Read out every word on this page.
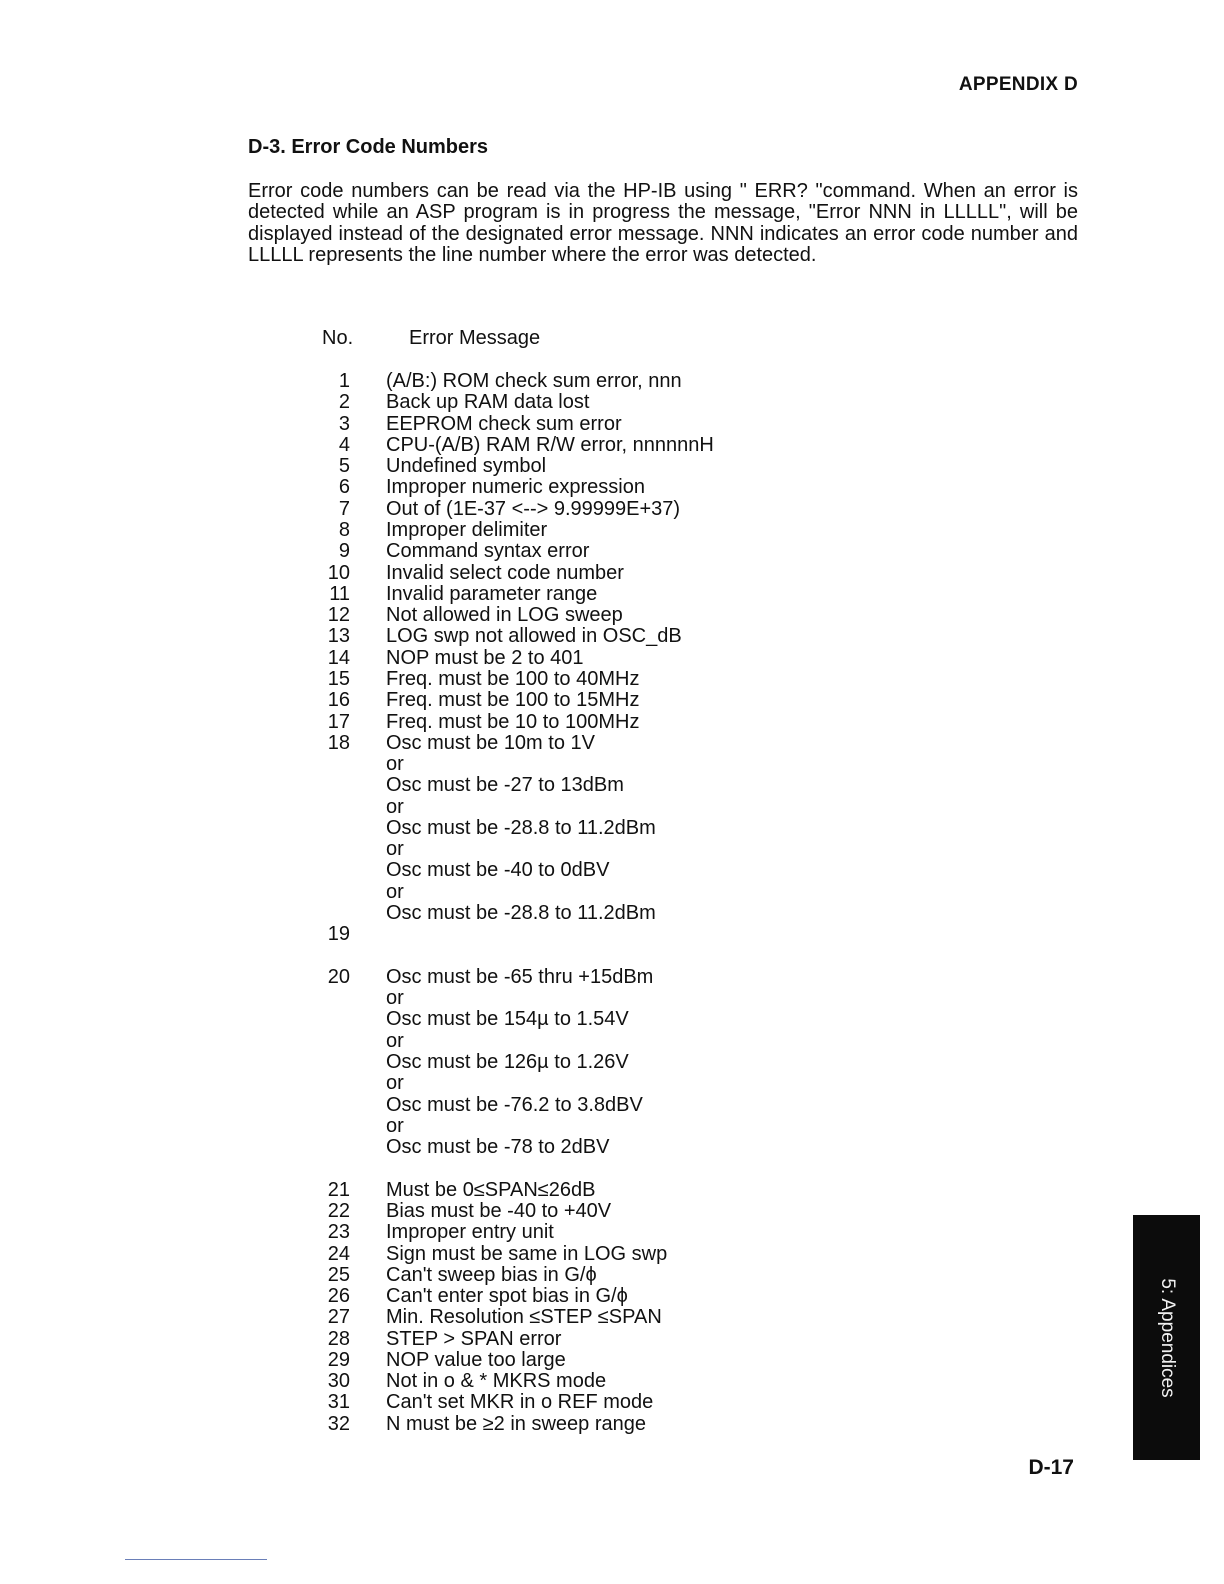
APPENDIX D
D-3. Error Code Numbers

Error code numbers can be read via the HP-IB using " ERR? "command. When an error is detected while an ASP program is in progress the message, "Error NNN in LLLLL", will be displayed instead of the designated error message. NNN indicates an error code number and LLLLL represents the line number where the error was detected.

No.	Error Message
1 (A/B:) ROM check sum error, nnn
2 Back up RAM data lost
3 EEPROM check sum error
4 CPU-(A/B) RAM R/W error, nnnnnnH
5 Undefined symbol
6 Improper numeric expression
7 Out of (1E-37 <--> 9.99999E+37)
8 Improper delimiter
9 Command syntax error
10 Invalid select code number
11 Invalid parameter range
12 Not allowed in LOG sweep
13 LOG swp not allowed in OSC_dB
14 NOP must be 2 to 401
15 Freq. must be 100 to 40MHz
16 Freq. must be 100 to 15MHz
17 Freq. must be 10 to 100MHz
18 Osc must be 10m to 1V
or
Osc must be -27 to 13dBm
or
Osc must be -28.8 to 11.2dBm
or
Osc must be -40 to 0dBV
or
Osc must be -28.8 to 11.2dBm
19
20 Osc must be -65 thru +15dBm
or
Osc must be 154µ to 1.54V
or
Osc must be 126µ to 1.26V
or
Osc must be -76.2 to 3.8dBV
or
Osc must be -78 to 2dBV
21 Must be 0≤SPAN≤26dB
22 Bias must be -40 to +40V
23 Improper entry unit
24 Sign must be same in LOG swp
25 Can't sweep bias in G/ϕ
26 Can't enter spot bias in G/ϕ
27 Min. Resolution ≤STEP ≤SPAN
28 STEP > SPAN error
29 NOP value too large
30 Not in o & * MKRS mode
31 Can't set MKR in o REF mode
32 N must be ≥2 in sweep range
5: Appendices
D-17
